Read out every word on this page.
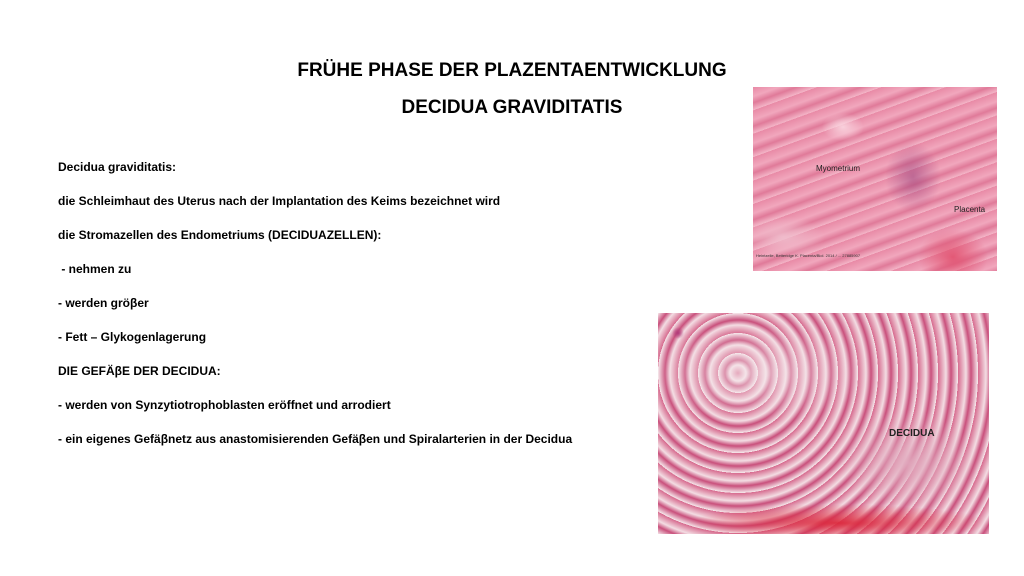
FRÜHE PHASE DER PLAZENTAENTWICKLUNG
DECIDUA GRAVIDITATIS
Decidua graviditatis:
die Schleimhaut des Uterus nach der Implantation des Keims bezeichnet wird
die Stromazellen des Endometriums (DECIDUAZELLEN):
- nehmen zu
- werden gröβer
- Fett – Glykogenlagerung
DIE GEFÄβE DER DECIDUA:
- werden von Synzytiotrophoblasten eröffnet und arrodiert
- ein eigenes Gefäβnetz aus anastomisierenden Gefäβen und Spiralarterien in der Decidua
Myometrium
Placenta
Heintzelle, Betteridge K. Placenta/Biol. 2014 / ... 27885907
DECIDUA
